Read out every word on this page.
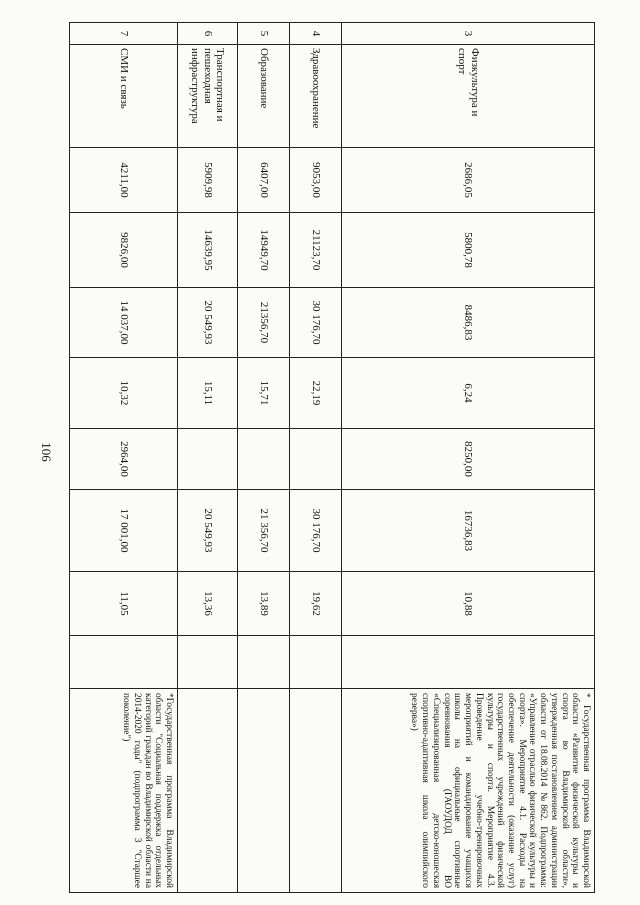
106
3	Физкультура и спорт	2686,05	5800,78	8486,83	6,24	8250,00	16736,83	10,88		* Государственная программа Владимирской области «Развитие физической культуры и спорта во Владимирской области», утвержденная постановлением администрации области от 18.08.2014 №862. Подпрограмма: «Управление отраслью физической культуры и спорта». Мероприятие 4.1. Расходы на обеспечение деятельности (оказание услуг) государственных учреждений физической культуры и спорта. Мероприятие 4.3. Проведение учебно-тренировочных мероприятий и командирование учащихся школы на официальные спортивные соревнования (ГАОУДОД ВО «Специализированная детско-юношеская спортивно-адаптивная школа олимпийского резерва»)
4	Здравоохранение	9053,00	21123,70	30 176,70	22,19		30 176,70	19,62		
5	Образование	6407,00	14949,70	21356,70	15,71		21 356,70	13,89		
6	Транспортная и пешеходная инфраструктура	5909,98	14639,95	20 549,93	15,11		20 549,93	13,36		
7	СМИ и связь	4211,00	9826,00	14 037,00	10,32	2964,00	17 001,00	11,05		*Государственная программа Владимирской области "Социальная поддержка отдельных категорий граждан во Владимирской области на 2014-2020 годы" (подпрограмма 3 "Старшее поколение")
